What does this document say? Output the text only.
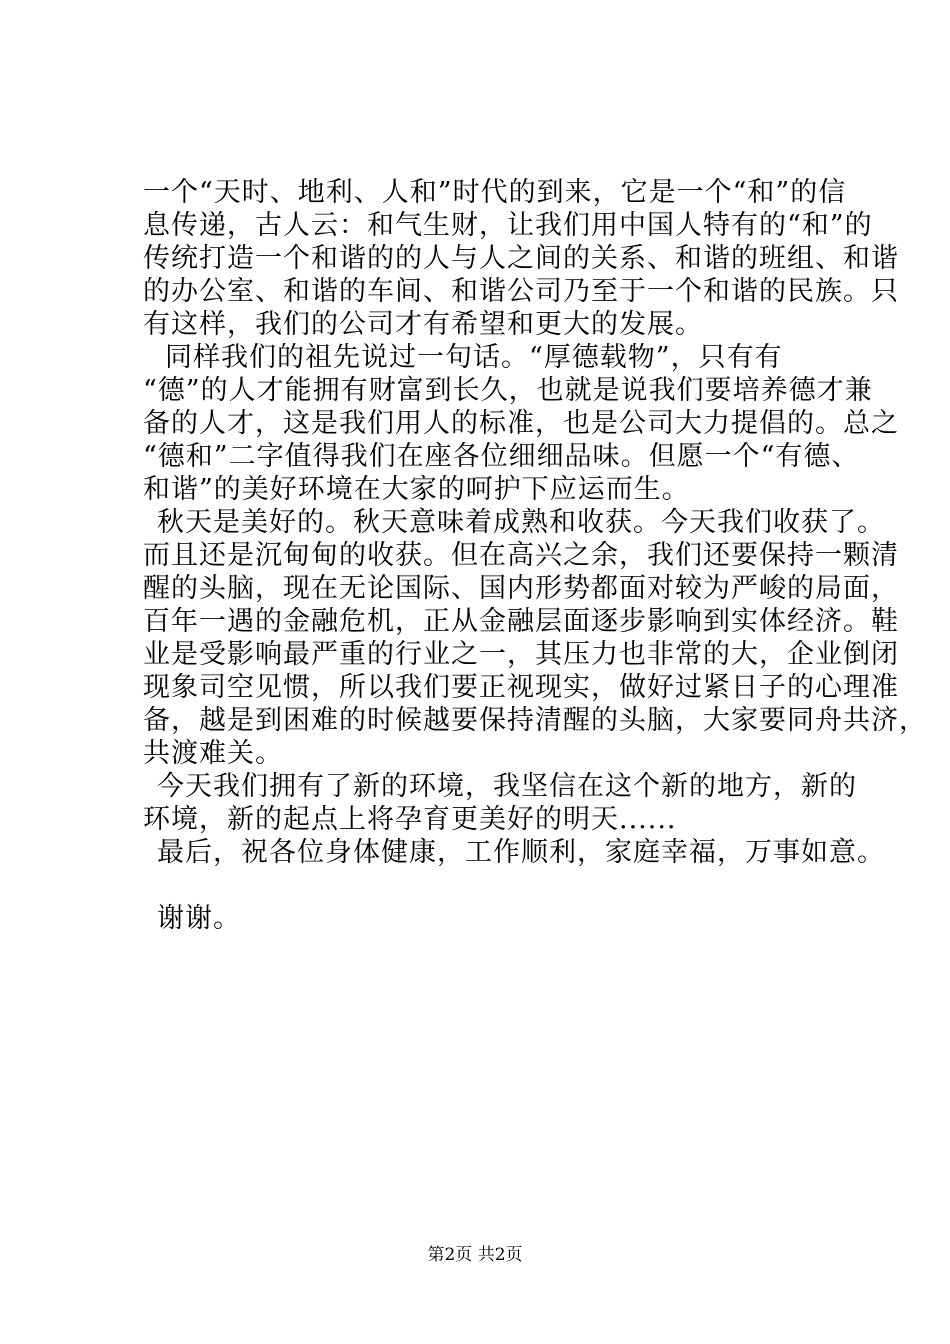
一个“天时、地利、人和”时代的到来，它是一个“和”的信
息传递，古人云：和气生财，让我们用中国人特有的“和”的
传统打造一个和谐的的人与人之间的关系、和谐的班组、和谐
的办公室、和谐的车间、和谐公司乃至于一个和谐的民族。只
有这样，我们的公司才有希望和更大的发展。
同样我们的祖先说过一句话。“厚德载物”，只有有
“德”的人才能拥有财富到长久，也就是说我们要培养德才兼
备的人才，这是我们用人的标准，也是公司大力提倡的。总之
“德和”二字值得我们在座各位细细品味。但愿一个“有德、
和谐”的美好环境在大家的呵护下应运而生。
秋天是美好的。秋天意味着成熟和收获。今天我们收获了。
而且还是沉甸甸的收获。但在高兴之余，我们还要保持一颗清
醒的头脑，现在无论国际、国内形势都面对较为严峻的局面，
百年一遇的金融危机，正从金融层面逐步影响到实体经济。鞋
业是受影响最严重的行业之一，其压力也非常的大，企业倒闭
现象司空见惯，所以我们要正视现实，做好过紧日子的心理准
备，越是到困难的时候越要保持清醒的头脑，大家要同舟共济，
共渡难关。
今天我们拥有了新的环境，我坚信在这个新的地方，新的
环境，新的起点上将孕育更美好的明天......
最后，祝各位身体健康，工作顺利，家庭幸福，万事如意。
谢谢。
第2页 共2页
